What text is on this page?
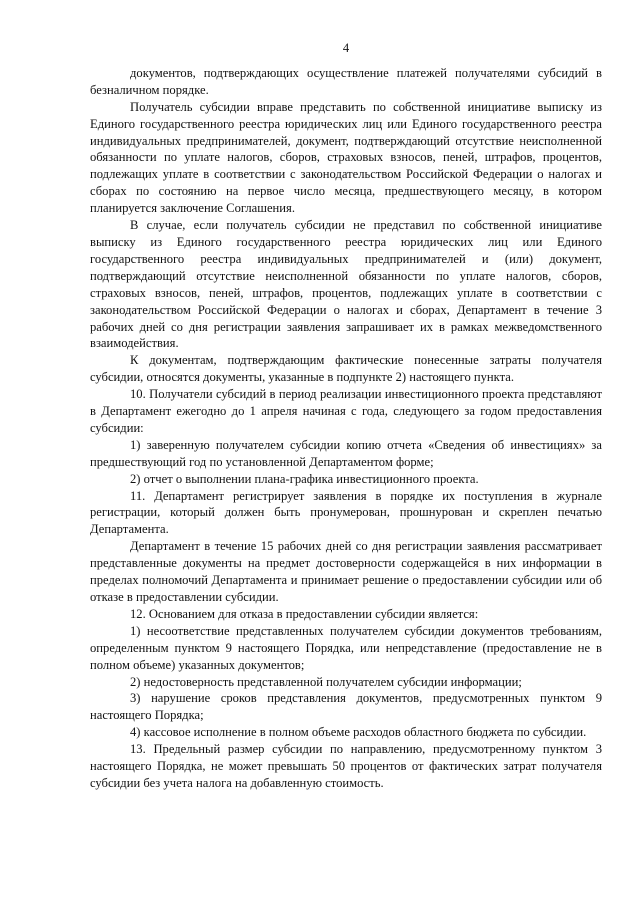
4

документов, подтверждающих осуществление платежей получателями субсидий в безналичном порядке.

Получатель субсидии вправе представить по собственной инициативе выписку из Единого государственного реестра юридических лиц или Единого государственного реестра индивидуальных предпринимателей, документ, подтверждающий отсутствие неисполненной обязанности по уплате налогов, сборов, страховых взносов, пеней, штрафов, процентов, подлежащих уплате в соответствии с законодательством Российской Федерации о налогах и сборах по состоянию на первое число месяца, предшествующего месяцу, в котором планируется заключение Соглашения.

В случае, если получатель субсидии не представил по собственной инициативе выписку из Единого государственного реестра юридических лиц или Единого государственного реестра индивидуальных предпринимателей и (или) документ, подтверждающий отсутствие неисполненной обязанности по уплате налогов, сборов, страховых взносов, пеней, штрафов, процентов, подлежащих уплате в соответствии с законодательством Российской Федерации о налогах и сборах, Департамент в течение 3 рабочих дней со дня регистрации заявления запрашивает их в рамках межведомственного взаимодействия.

К документам, подтверждающим фактические понесенные затраты получателя субсидии, относятся документы, указанные в подпункте 2) настоящего пункта.

10. Получатели субсидий в период реализации инвестиционного проекта представляют в Департамент ежегодно до 1 апреля начиная с года, следующего за годом предоставления субсидии:

1) заверенную получателем субсидии копию отчета «Сведения об инвестициях» за предшествующий год по установленной Департаментом форме;

2) отчет о выполнении плана-графика инвестиционного проекта.

11. Департамент регистрирует заявления в порядке их поступления в журнале регистрации, который должен быть пронумерован, прошнурован и скреплен печатью Департамента.

Департамент в течение 15 рабочих дней со дня регистрации заявления рассматривает представленные документы на предмет достоверности содержащейся в них информации в пределах полномочий Департамента и принимает решение о предоставлении субсидии или об отказе в предоставлении субсидии.

12. Основанием для отказа в предоставлении субсидии является:

1) несоответствие представленных получателем субсидии документов требованиям, определенным пунктом 9 настоящего Порядка, или непредставление (предоставление не в полном объеме) указанных документов;

2) недостоверность представленной получателем субсидии информации;

3) нарушение сроков представления документов, предусмотренных пунктом 9 настоящего Порядка;

4) кассовое исполнение в полном объеме расходов областного бюджета по субсидии.

13. Предельный размер субсидии по направлению, предусмотренному пунктом 3 настоящего Порядка, не может превышать 50 процентов от фактических затрат получателя субсидии без учета налога на добавленную стоимость.
